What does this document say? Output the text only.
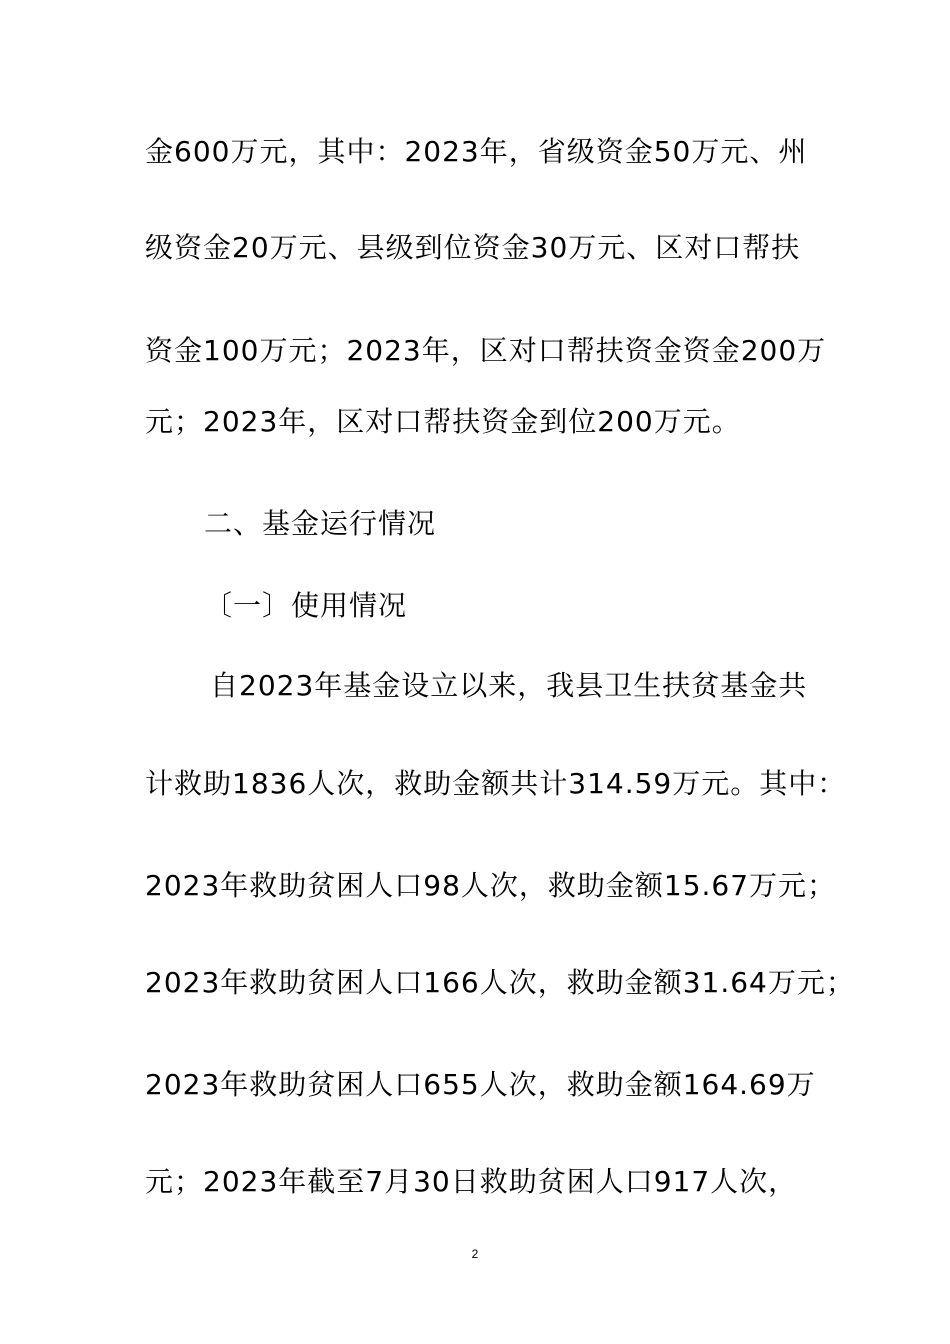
金600万元，其中：2023年，省级资金50万元、州
级资金20万元、县级到位资金30万元、区对口帮扶
资金100万元；2023年，区对口帮扶资金资金200万
元；2023年，区对口帮扶资金到位200万元。
二、基金运行情况
〔一〕使用情况
自2023年基金设立以来，我县卫生扶贫基金共
计救助1836人次，救助金额共计314.59万元。其中：
2023年救助贫困人口98人次，救助金额15.67万元；
2023年救助贫困人口166人次，救助金额31.64万元；
2023年救助贫困人口655人次，救助金额164.69万
元；2023年截至7月30日救助贫困人口917人次，
2
